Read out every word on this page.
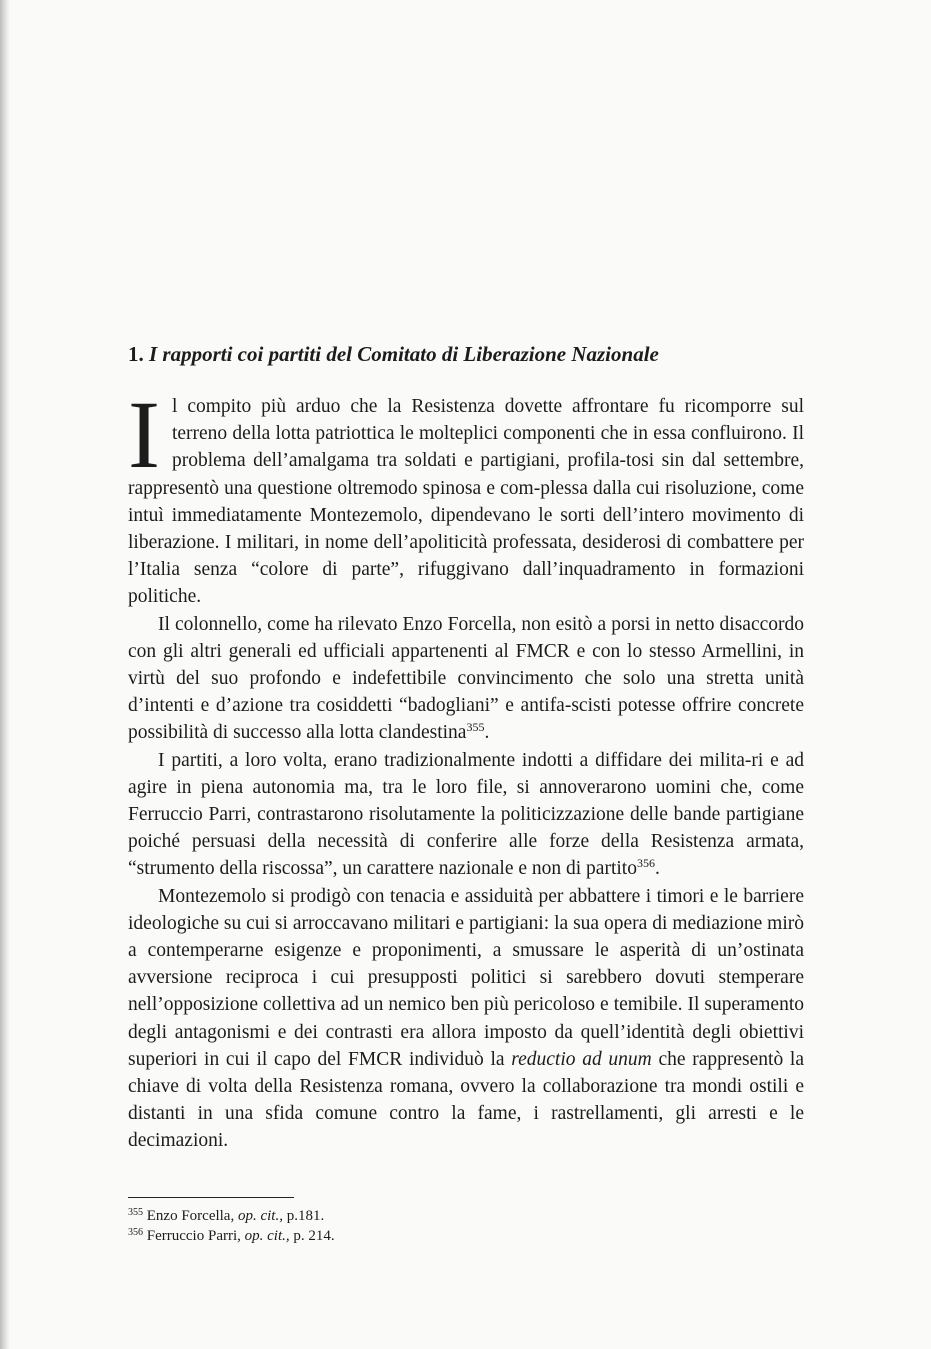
1. I rapporti coi partiti del Comitato di Liberazione Nazionale

Il compito più arduo che la Resistenza dovette affrontare fu ricomporre sul terreno della lotta patriottica le molteplici componenti che in essa confluirono. Il problema dell’amalgama tra soldati e partigiani, profila-tosi sin dal settembre, rappresentò una questione oltremodo spinosa e com-plessa dalla cui risoluzione, come intuì immediatamente Montezemolo, dipendevano le sorti dell’intero movimento di liberazione. I militari, in nome dell’apoliticità professata, desiderosi di combattere per l’Italia senza “colore di parte”, rifuggivano dall’inquadramento in formazioni politiche.

Il colonnello, come ha rilevato Enzo Forcella, non esitò a porsi in netto disaccordo con gli altri generali ed ufficiali appartenenti al FMCR e con lo stesso Armellini, in virtù del suo profondo e indefettibile convincimento che solo una stretta unità d’intenti e d’azione tra cosiddetti “badogliani” e antifa-scisti potesse offrire concrete possibilità di successo alla lotta clandestina$^{355}$.

I partiti, a loro volta, erano tradizionalmente indotti a diffidare dei milita-ri e ad agire in piena autonomia ma, tra le loro file, si annoverarono uomini che, come Ferruccio Parri, contrastarono risolutamente la politicizzazione delle bande partigiane poiché persuasi della necessità di conferire alle forze della Resistenza armata, “strumento della riscossa”, un carattere nazionale e non di partito$^{356}$.

Montezemolo si prodigò con tenacia e assiduità per abbattere i timori e le barriere ideologiche su cui si arroccavano militari e partigiani: la sua opera di mediazione mirò a contemperarne esigenze e proponimenti, a smussare le asperità di un’ostinata avversione reciproca i cui presupposti politici si sarebbero dovuti stemperare nell’opposizione collettiva ad un nemico ben più pericoloso e temibile. Il superamento degli antagonismi e dei contrasti era allora imposto da quell’identità degli obiettivi superiori in cui il capo del FMCR individuò la reductio ad unum che rappresentò la chiave di volta della Resistenza romana, ovvero la collaborazione tra mondi ostili e distanti in una sfida comune contro la fame, i rastrellamenti, gli arresti e le decimazioni.

$^{355}$ Enzo Forcella, op. cit., p.181.
$^{356}$ Ferruccio Parri, op. cit., p. 214.
